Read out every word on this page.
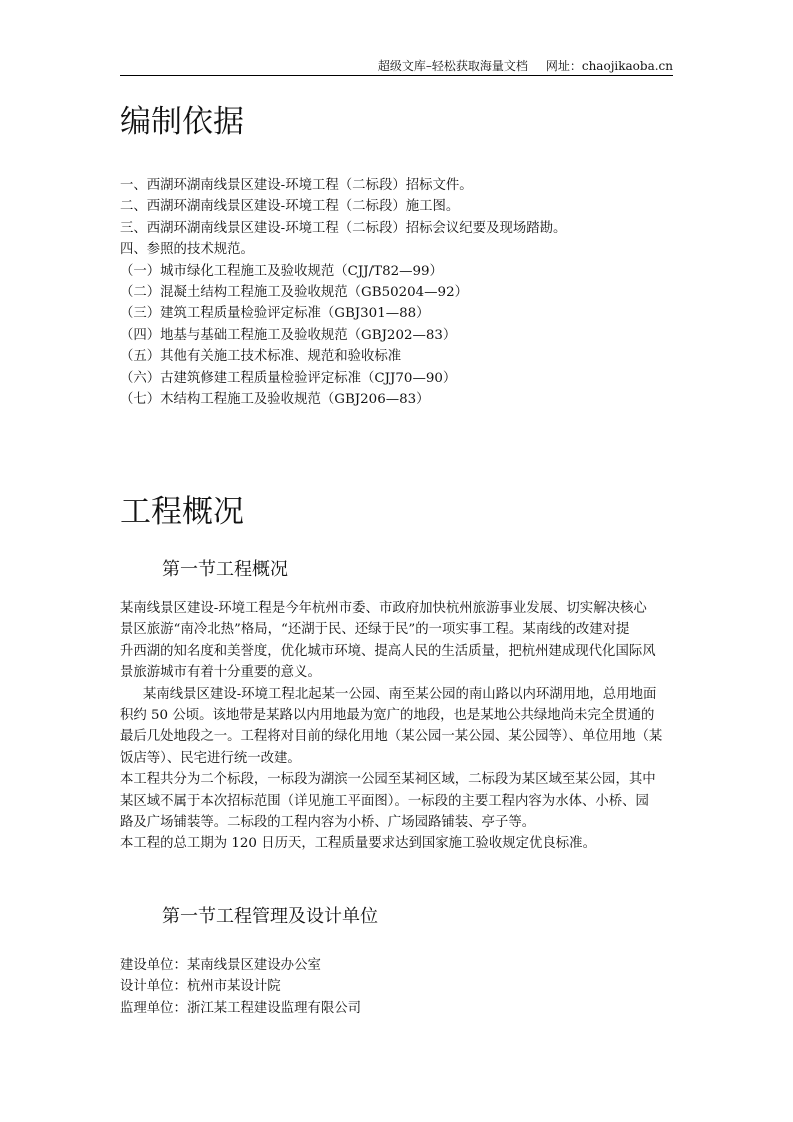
超级文库–轻松获取海量文档 网址：chaojikaoba.cn
编制依据
一、西湖环湖南线景区建设-环境工程（二标段）招标文件。
二、西湖环湖南线景区建设-环境工程（二标段）施工图。
三、西湖环湖南线景区建设-环境工程（二标段）招标会议纪要及现场踏勘。
四、参照的技术规范。
（一）城市绿化工程施工及验收规范（CJJ/T82—99）
（二）混凝土结构工程施工及验收规范（GB50204—92）
（三）建筑工程质量检验评定标准（GBJ301—88）
（四）地基与基础工程施工及验收规范（GBJ202—83）
（五）其他有关施工技术标准、规范和验收标准
（六）古建筑修建工程质量检验评定标准（CJJ70—90）
（七）木结构工程施工及验收规范（GBJ206—83）
工程概况
第一节工程概况
某南线景区建设-环境工程是今年杭州市委、市政府加快杭州旅游事业发展、切实解决核心
景区旅游“南冷北热”格局，“还湖于民、还绿于民”的一项实事工程。某南线的改建对提
升西湖的知名度和美誉度，优化城市环境、提高人民的生活质量，把杭州建成现代化国际风
景旅游城市有着十分重要的意义。
某南线景区建设-环境工程北起某一公园、南至某公园的南山路以内环湖用地，总用地面
积约 50 公顷。该地带是某路以内用地最为宽广的地段，也是某地公共绿地尚未完全贯通的
最后几处地段之一。工程将对目前的绿化用地（某公园一某公园、某公园等）、单位用地（某
饭店等）、民宅进行统一改建。
本工程共分为二个标段，一标段为湖滨一公园至某祠区域，二标段为某区域至某公园，其中
某区域不属于本次招标范围（详见施工平面图）。一标段的主要工程内容为水体、小桥、园
路及广场铺装等。二标段的工程内容为小桥、广场园路铺装、亭子等。
本工程的总工期为 120 日历天，工程质量要求达到国家施工验收规定优良标准。
第一节工程管理及设计单位
建设单位：某南线景区建设办公室
设计单位：杭州市某设计院
监理单位：浙江某工程建设监理有限公司
